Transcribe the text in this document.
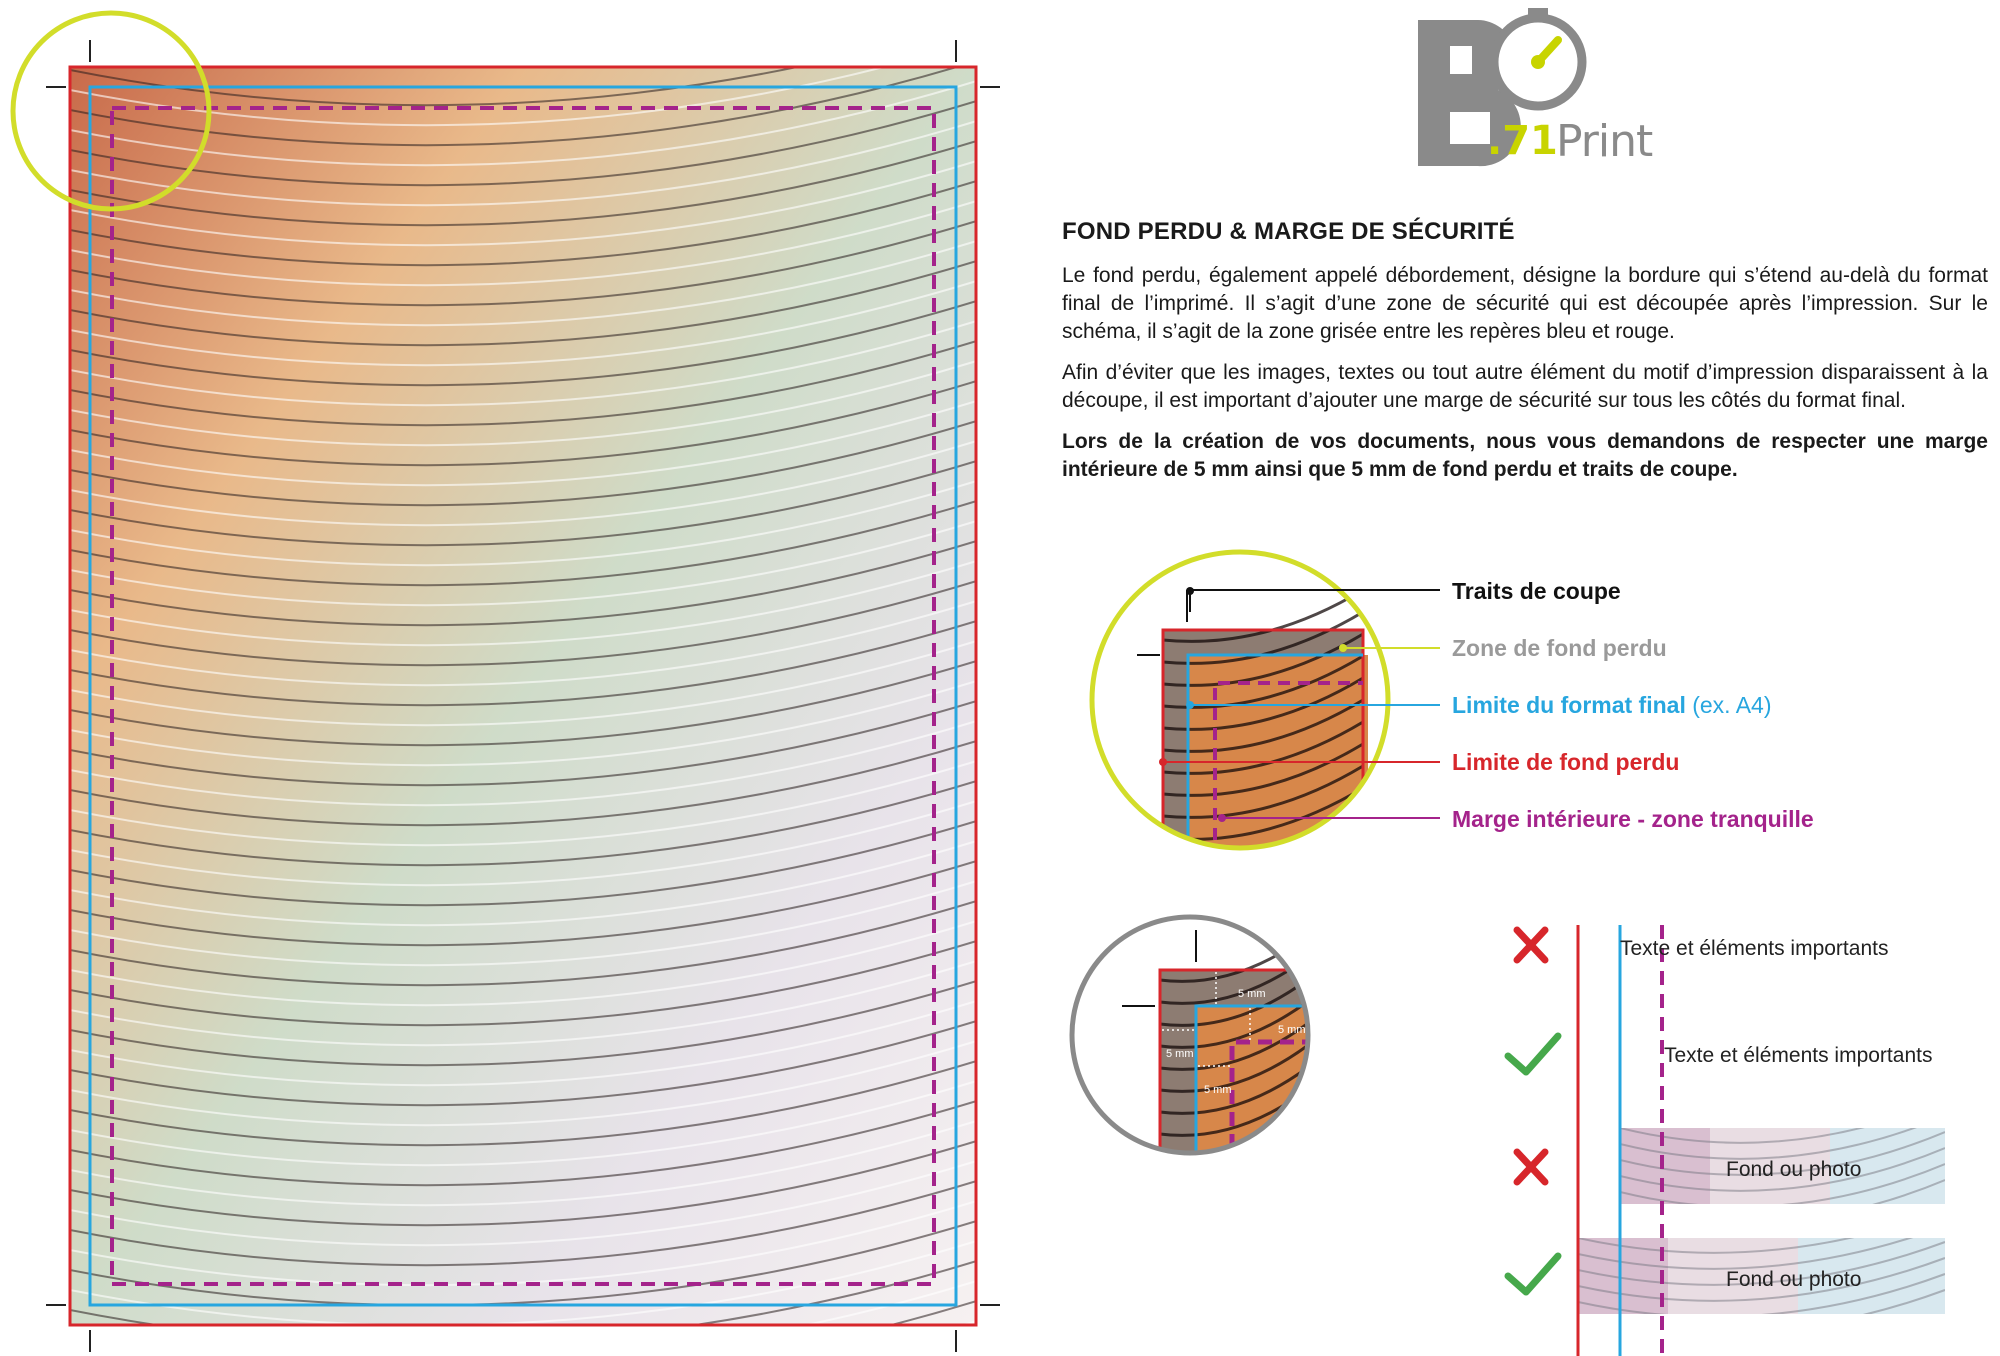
.71
Print
FOND PERDU & MARGE DE SÉCURITÉ

Le fond perdu, également appelé débordement, désigne la bordure qui s’étend au-delà du format final de l’imprimé. Il s’agit d’une zone de sécurité qui est découpée après l’impression. Sur le schéma, il s’agit de la zone grisée entre les repères bleu et rouge.

Afin d’éviter que les images, textes ou tout autre élément du motif d’impression disparaissent à la découpe, il est important d’ajouter une marge de sécurité sur tous les côtés du format final.

Lors de la création de vos documents, nous vous demandons de respecter une marge intérieure de 5 mm ainsi que 5 mm de fond perdu et traits de coupe.

Traits de coupe
Zone de fond perdu
Limite du format final (ex. A4)
Limite de fond perdu
Marge intérieure - zone tranquille
5 mm
5 mm
5 mm
5 mm
Texte et éléments importants
Texte et éléments importants
Fond ou photo
Fond ou photo
